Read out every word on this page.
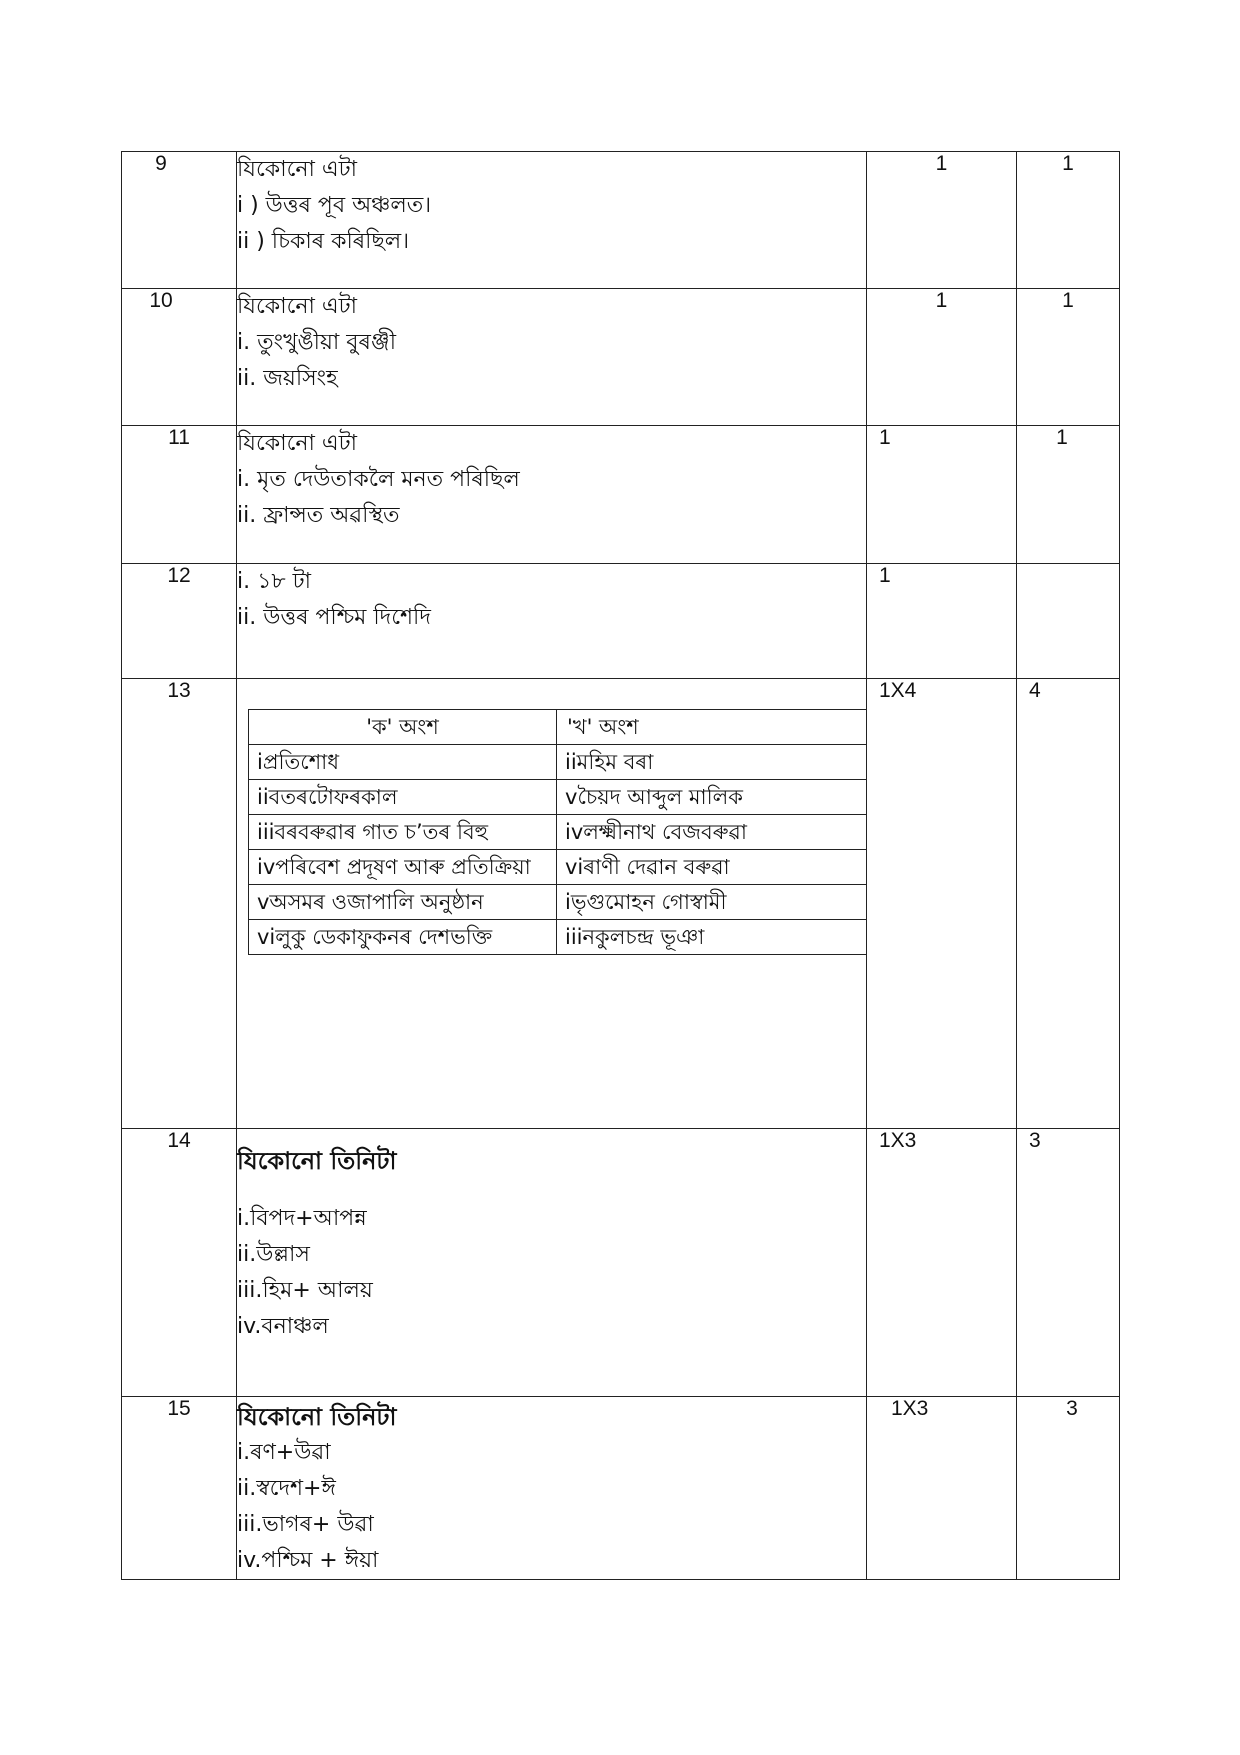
9	যিকোনো এটা
i ) উত্তৰ পূব অঞ্চলত।
ii ) চিকাৰ কৰিছিল।
	1	1
10	যিকোনো এটা
i. তুংখুঙীয়া বুৰঞ্জী
ii. জয়সিংহ
	1	1
11	যিকোনো এটা
i. মৃত দেউতাকলৈ মনত পৰিছিল
ii. ফ্ৰান্সত অৱস্থিত
	1	1
12	i. ১৮ টা
ii. উত্তৰ পশ্চিম দিশেদি
	1	
13	
'ক' অংশ	'খ' অংশ
iপ্ৰতিশোধ	iiমহিম বৰা
iiবতৰটোফৰকাল	vচৈয়দ আব্দুল মালিক
iiiবৰবৰুৱাৰ গাত চ’তৰ বিহু	ivলক্ষ্মীনাথ বেজবৰুৱা
ivপৰিবেশ প্ৰদূষণ আৰু প্ৰতিক্ৰিয়া	viৰাণী দেৱান বৰুৱা
vঅসমৰ ওজাপালি অনুষ্ঠান	iভৃগুমোহন গোস্বামী
viলুকু ডেকাফুকনৰ দেশভক্তি	iiiনকুলচন্দ্ৰ ভূঞা
	1X4	4
14	
যিকোনো তিনিটা
i.বিপদ+আপন্ন
ii.উল্লাস
iii.হিম+ আলয়
iv.বনাঞ্চল
	1X3	3
15	যিকোনো তিনিটা
i.ৰণ+উৱা
ii.স্বদেশ+ঈ
iii.ভাগৰ+ উৱা
iv.পশ্চিম + ঈয়া
	1X3	3
